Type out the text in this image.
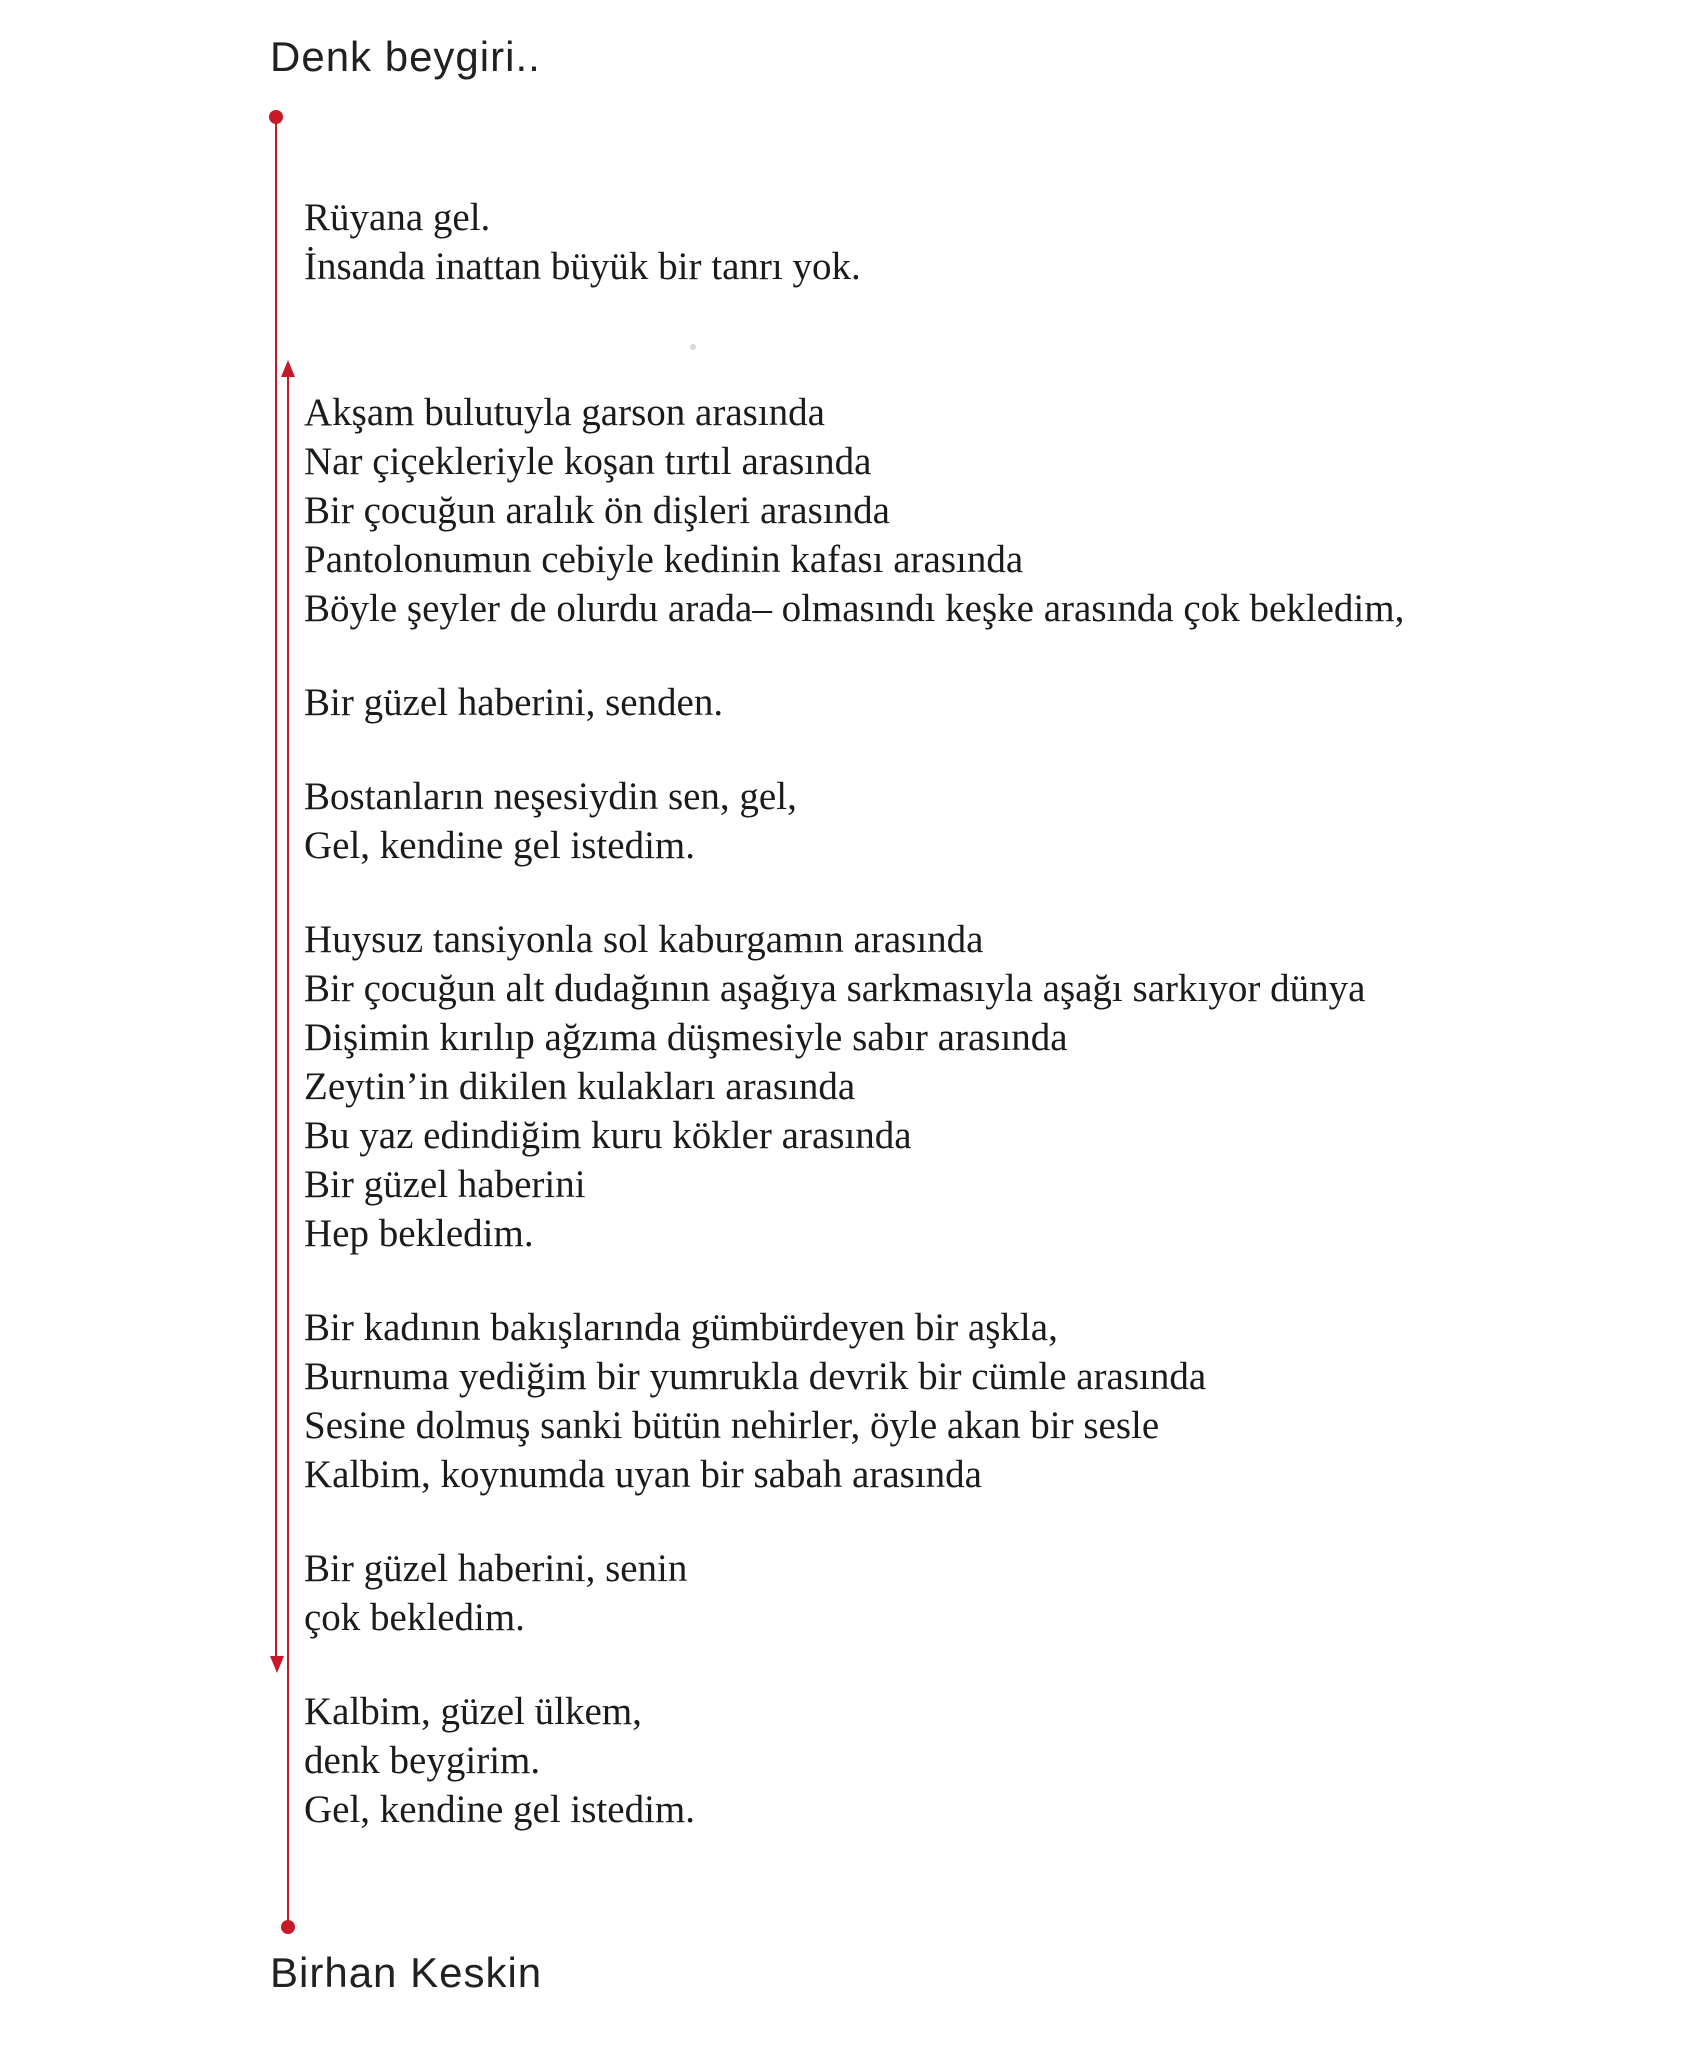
Denk beygiri..
Rüyana gel.
İnsanda inattan büyük bir tanrı yok.
Akşam bulutuyla garson arasında
Nar çiçekleriyle koşan tırtıl arasında
Bir çocuğun aralık ön dişleri arasında
Pantolonumun cebiyle kedinin kafası arasında
Böyle şeyler de olurdu arada– olmasındı keşke arasında çok bekledim,
Bir güzel haberini, senden.
Bostanların neşesiydin sen, gel,
Gel, kendine gel istedim.
Huysuz tansiyonla sol kaburgamın arasında
Bir çocuğun alt dudağının aşağıya sarkmasıyla aşağı sarkıyor dünya
Dişimin kırılıp ağzıma düşmesiyle sabır arasında
Zeytin’in dikilen kulakları arasında
Bu yaz edindiğim kuru kökler arasında
Bir güzel haberini
Hep bekledim.
Bir kadının bakışlarında gümbürdeyen bir aşkla,
Burnuma yediğim bir yumrukla devrik bir cümle arasında
Sesine dolmuş sanki bütün nehirler, öyle akan bir sesle
Kalbim, koynumda uyan bir sabah arasında
Bir güzel haberini, senin
çok bekledim.
Kalbim, güzel ülkem,
denk beygirim.
Gel, kendine gel istedim.
Birhan Keskin
